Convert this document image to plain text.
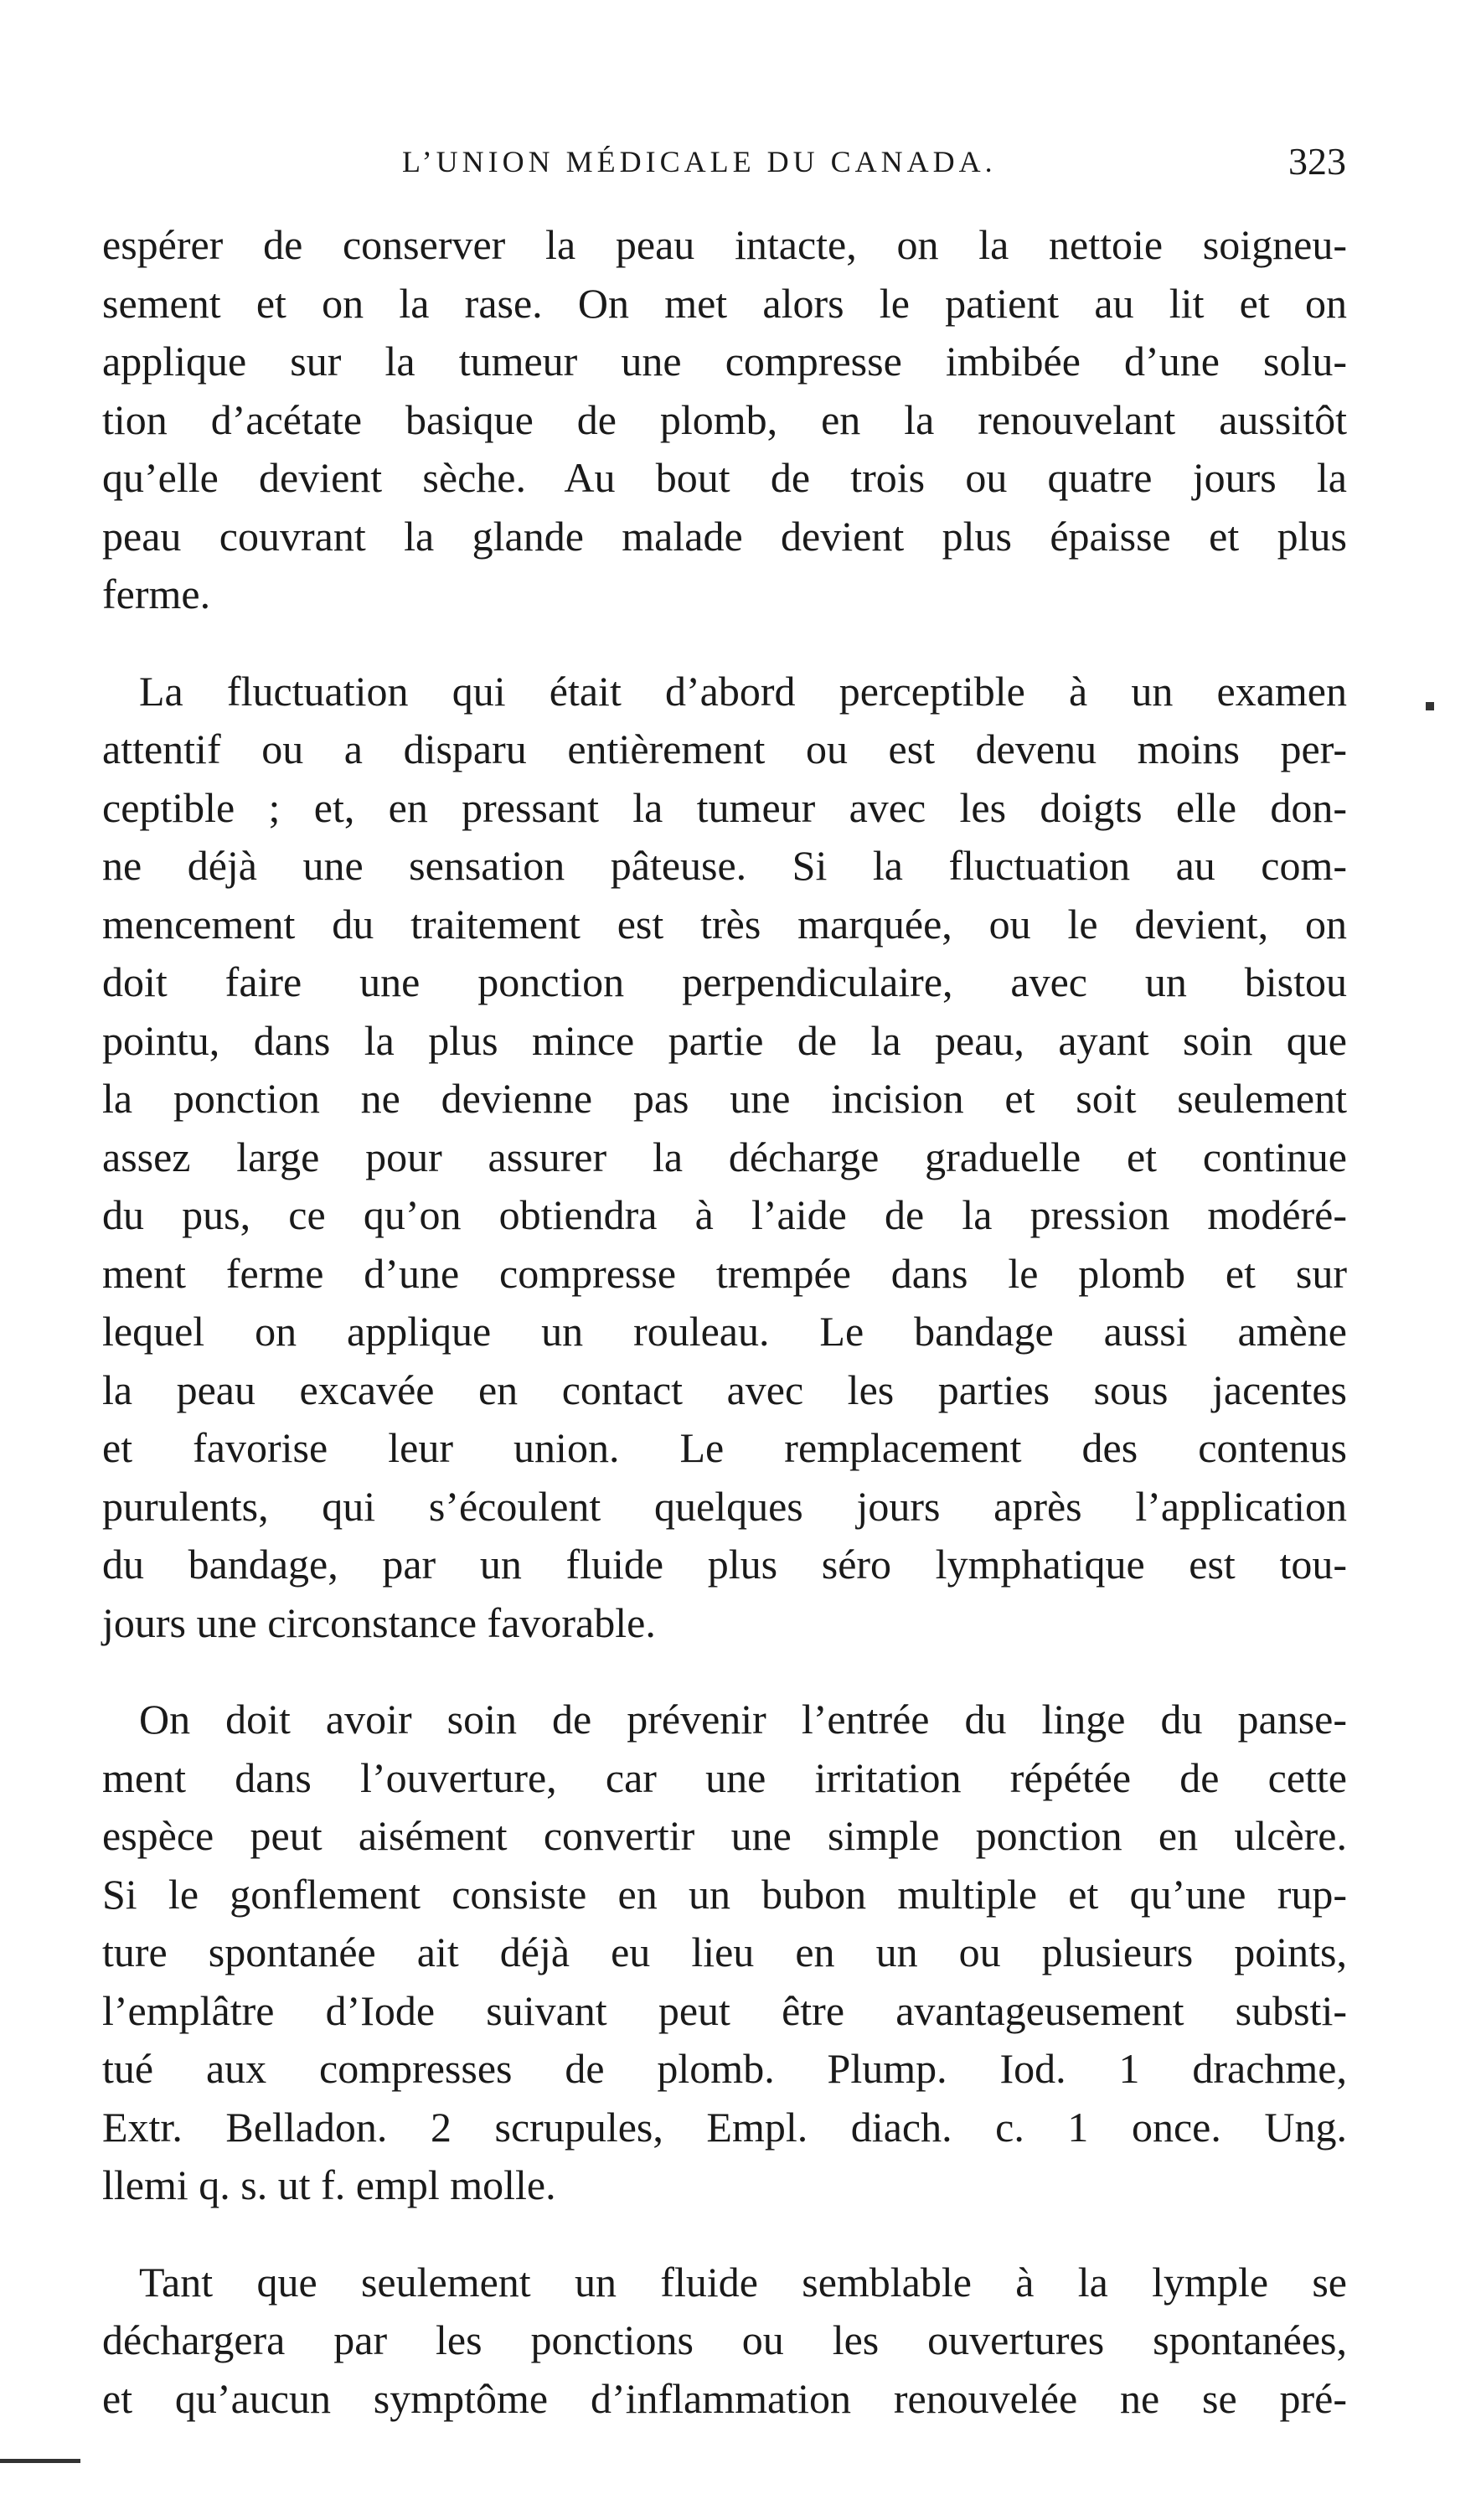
L’UNION MÉDICALE DU CANADA.	323
espérer de conserver la peau intacte, on la nettoie soigneu-
sement et on la rase. On met alors le patient au lit et on
applique sur la tumeur une compresse imbibée d’une solu-
tion d’acétate basique de plomb, en la renouvelant aussitôt
qu’elle devient sèche. Au bout de trois ou quatre jours la
peau couvrant la glande malade devient plus épaisse et plus
ferme.
La fluctuation qui était d’abord perceptible à un examen
attentif ou a disparu entièrement ou est devenu moins per-
ceptible ; et, en pressant la tumeur avec les doigts elle don-
ne déjà une sensation pâteuse. Si la fluctuation au com-
mencement du traitement est très marquée, ou le devient, on
doit faire une ponction perpendiculaire, avec un bistou
pointu, dans la plus mince partie de la peau, ayant soin que
la ponction ne devienne pas une incision et soit seulement
assez large pour assurer la décharge graduelle et continue
du pus, ce qu’on obtiendra à l’aide de la pression modéré-
ment ferme d’une compresse trempée dans le plomb et sur
lequel on applique un rouleau. Le bandage aussi amène
la peau excavée en contact avec les parties sous jacentes
et favorise leur union. Le remplacement des contenus
purulents, qui s’écoulent quelques jours après l’application
du bandage, par un fluide plus séro lymphatique est tou-
jours une circonstance favorable.
On doit avoir soin de prévenir l’entrée du linge du panse-
ment dans l’ouverture, car une irritation répétée de cette
espèce peut aisément convertir une simple ponction en ulcère.
Si le gonflement consiste en un bubon multiple et qu’une rup-
ture spontanée ait déjà eu lieu en un ou plusieurs points,
l’emplâtre d’Iode suivant peut être avantageusement substi-
tué aux compresses de plomb. Plump. Iod. 1 drachme,
Extr. Belladon. 2 scrupules, Empl. diach. c. 1 once. Ung.
llemi q. s. ut f. empl molle.
Tant que seulement un fluide semblable à la lymple se
déchargera par les ponctions ou les ouvertures spontanées,
et qu’aucun symptôme d’inflammation renouvelée ne se pré-
